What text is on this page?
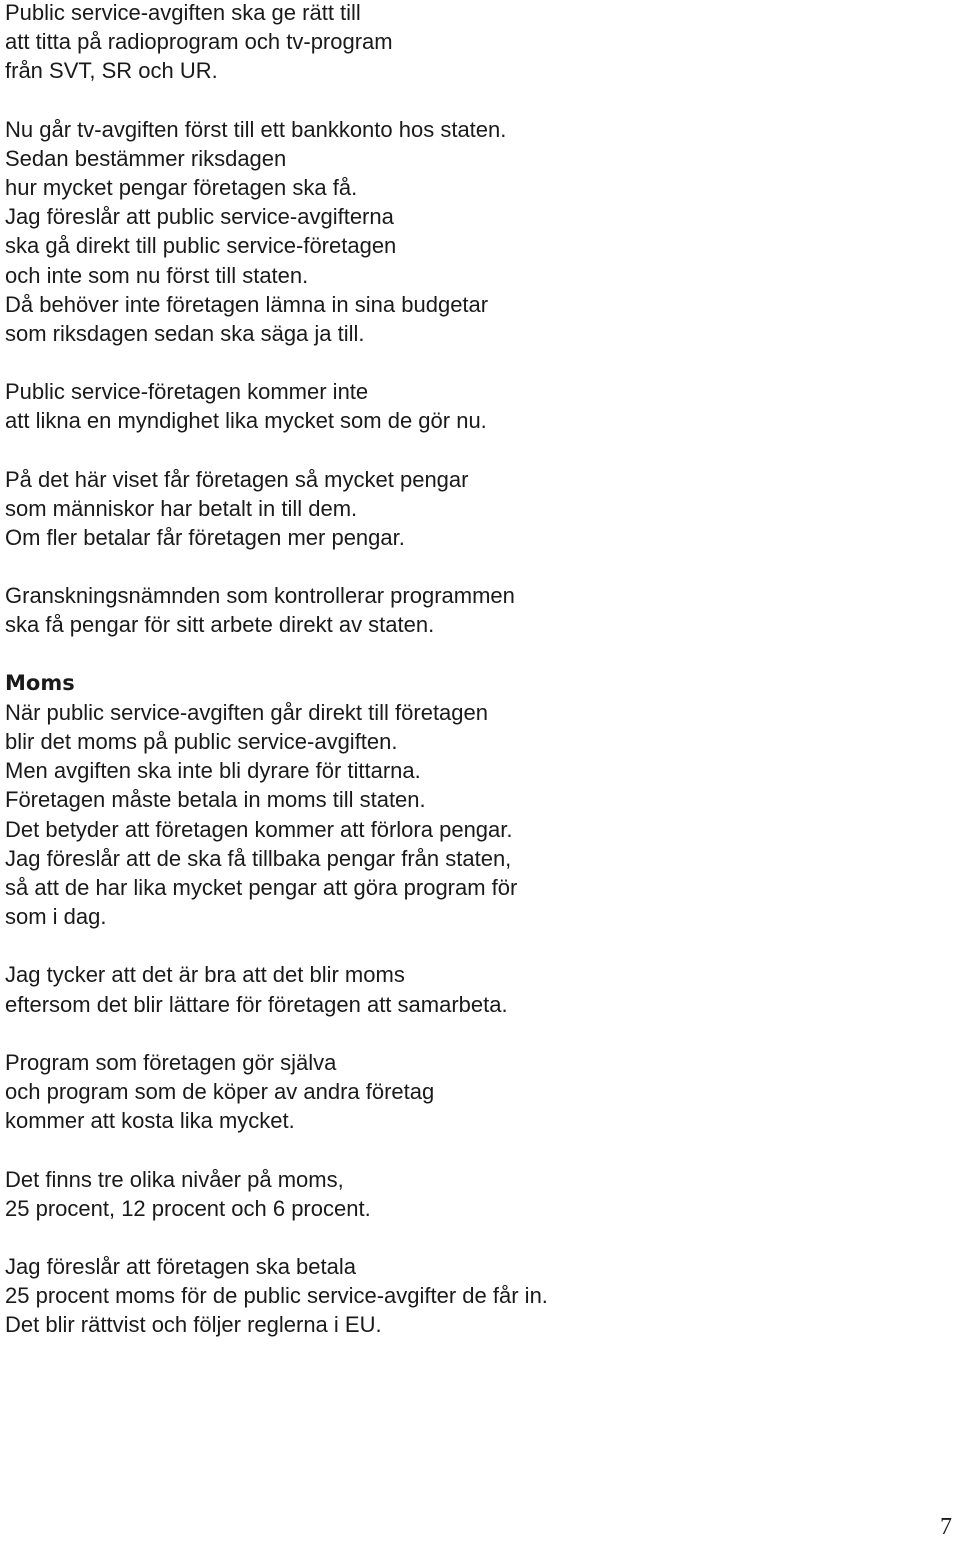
Public service-avgiften ska ge rätt till
att titta på radioprogram och tv-program
från SVT, SR och UR.
Nu går tv-avgiften först till ett bankkonto hos staten.
Sedan bestämmer riksdagen
hur mycket pengar företagen ska få.
Jag föreslår att public service-avgifterna
ska gå direkt till public service-företagen
och inte som nu först till staten.
Då behöver inte företagen lämna in sina budgetar
som riksdagen sedan ska säga ja till.
Public service-företagen kommer inte
att likna en myndighet lika mycket som de gör nu.
På det här viset får företagen så mycket pengar
som människor har betalt in till dem.
Om fler betalar får företagen mer pengar.
Granskningsnämnden som kontrollerar programmen
ska få pengar för sitt arbete direkt av staten.
Moms
När public service-avgiften går direkt till företagen
blir det moms på public service-avgiften.
Men avgiften ska inte bli dyrare för tittarna.
Företagen måste betala in moms till staten.
Det betyder att företagen kommer att förlora pengar.
Jag föreslår att de ska få tillbaka pengar från staten,
så att de har lika mycket pengar att göra program för
som i dag.
Jag tycker att det är bra att det blir moms
eftersom det blir lättare för företagen att samarbeta.
Program som företagen gör själva
och program som de köper av andra företag
kommer att kosta lika mycket.
Det finns tre olika nivåer på moms,
25 procent, 12 procent och 6 procent.
Jag föreslår att företagen ska betala
25 procent moms för de public service-avgifter de får in.
Det blir rättvist och följer reglerna i EU.
7
